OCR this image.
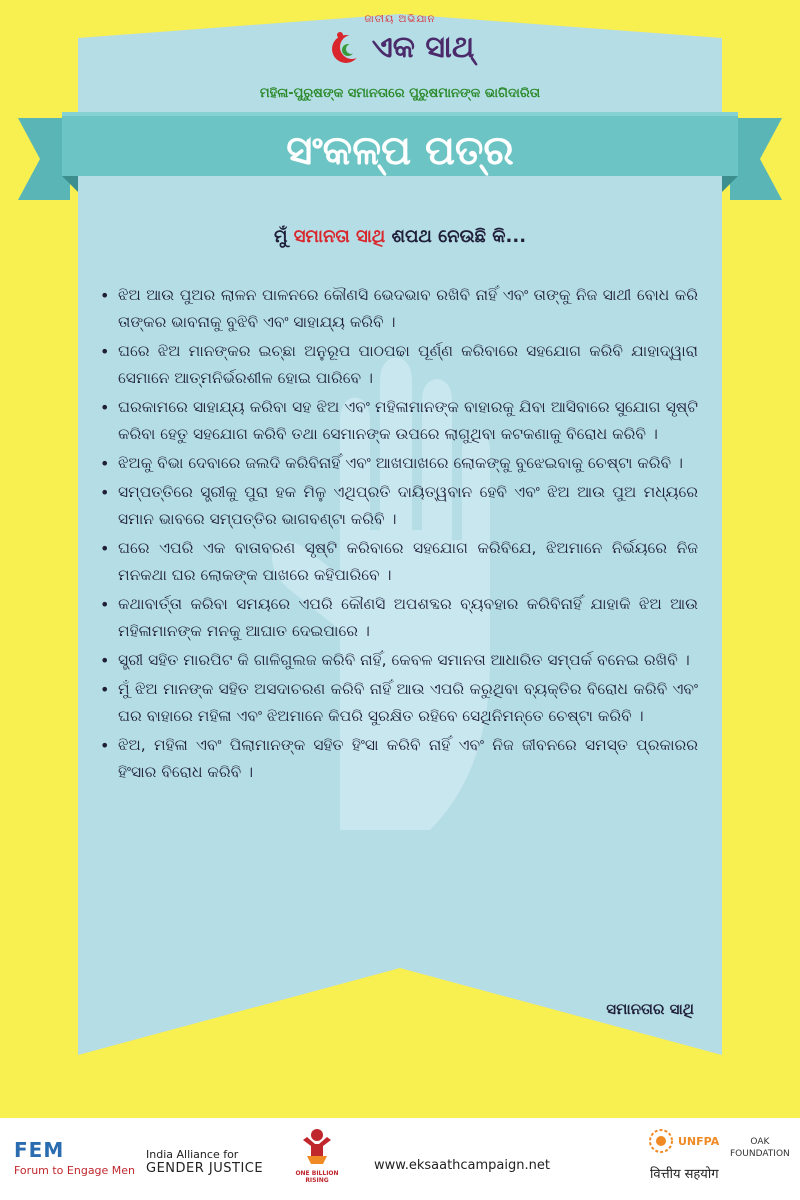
ଜାତୀୟ ଅଭିଯାନ
ଏକ ସାଥ୍
ମହିଳା-ପୁରୁଷଙ୍କ ସମାନତାରେ ପୁରୁଷମାନଙ୍କ ଭାଗିଦାରିତା
ସଂକଳ୍ପ ପତ୍ର
ମୁଁ ସମାନତା ସାଥି ଶପଥ ନେଉଛି କି...
• ଝିଅ ଆଉ ପୁଅର ଲାଳନ ପାଳନରେ କୌଣସି ଭେଦଭାବ ରଖିବି ନାହିଁ ଏବଂ ତାଙ୍କୁ ନିଜ ସାଥୀ ବୋଧ କରି ତାଙ୍କର ଭାବନାକୁ ବୁଝିବି ଏବଂ ସାହାଯ୍ୟ କରିବି ।
• ଘରେ ଝିଅ ମାନଙ୍କର ଇଚ୍ଛା ଅନୁରୂପ ପାଠପଢା ପୂର୍ଣ୍ଣ କରିବାରେ ସହଯୋଗ କରିବି ଯାହାଦ୍ୱାରା ସେମାନେ ଆତ୍ମନିର୍ଭରଶୀଳ ହୋଇ ପାରିବେ ।
• ଘରକାମରେ ସାହାଯ୍ୟ କରିବା ସହ ଝିଅ ଏବଂ ମହିଳାମାନଙ୍କ ବାହାରକୁ ଯିବା ଆସିବାରେ ସୁଯୋଗ ସୃଷ୍ଟି କରିବା ହେତୁ ସହଯୋଗ କରିବି ତଥା ସେମାନଙ୍କ ଉପରେ ଲାଗୁଥିବା କଟକଣାକୁ ବିରୋଧ କରିବି ।
• ଝିଅକୁ ବିଭା ଦେବାରେ ଜଲଦି କରିବିନାହିଁ ଏବଂ ଆଖପାଖରେ ଲୋକଙ୍କୁ ବୁଝେଇବାକୁ ଚେଷ୍ଟା କରିବି ।
• ସମ୍ପତ୍ତିରେ ସ୍ତ୍ରୀକୁ ପୁରା ହକ ମିଳୁ ଏଥିପ୍ରତି ଦାୟିତ୍ୱବାନ ହେବି ଏବଂ ଝିଅ ଆଉ ପୁଅ ମଧ୍ୟରେ ସମାନ ଭାବରେ ସମ୍ପତ୍ତିର ଭାଗବଣ୍ଟା କରିବି ।
• ଘରେ ଏପରି ଏକ ବାତାବରଣ ସୃଷ୍ଟି କରିବାରେ ସହଯୋଗ କରିବିଯେ, ଝିଅମାନେ ନିର୍ଭୟରେ ନିଜ ମନକଥା ଘର ଲୋକଙ୍କ ପାଖରେ କହିପାରିବେ ।
• କଥାବାର୍ତ୍ତା କରିବା ସମୟରେ ଏପରି କୌଣସି ଅପଶବ୍ଦର ବ୍ୟବହାର କରିବିନାହିଁ ଯାହାକି ଝିଅ ଆଉ ମହିଳାମାନଙ୍କ ମନକୁ ଆଘାତ ଦେଇପାରେ ।
• ସ୍ତ୍ରୀ ସହିତ ମାରପିଟ କି ଗାଳିଗୁଲଜ କରିବି ନାହିଁ, କେବଳ ସମାନତା ଆଧାରିତ ସମ୍ପର୍କ ବନେଇ ରଖିବି ।
• ମୁଁ ଝିଅ ମାନଙ୍କ ସହିତ ଅସଦାଚରଣ କରିବି ନାହିଁ ଆଉ ଏପରି କରୁଥିବା ବ୍ୟକ୍ତିର ବିରୋଧ କରିବି ଏବଂ ଘର ବାହାରେ ମହିଳା ଏବଂ ଝିଅମାନେ କିପରି ସୁରକ୍ଷିତ ରହିବେ ସେଥିନିମନ୍ତେ ଚେଷ୍ଟା କରିବି ।
• ଝିଅ, ମହିଳା ଏବଂ ପିଲାମାନଙ୍କ ସହିତ ହିଂସା କରିବି ନାହିଁ ଏବଂ ନିଜ ଜୀବନରେ ସମସ୍ତ ପ୍ରକାରର ହିଂସାର ବିରୋଧ କରିବି ।
ସମାନତାର ସାଥି
FEM
Forum to Engage Men
India Alliance for
GENDER JUSTICE	ONE BILLION RISING
www.eksaathcampaign.net
UNFPA	OAK
FOUNDATION
वित्तीय सहयोग
